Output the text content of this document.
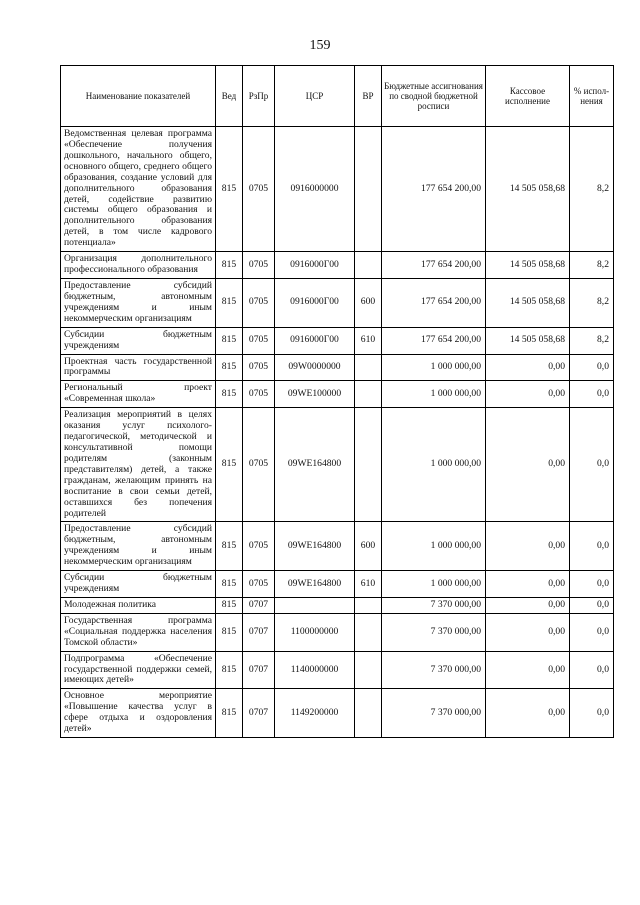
159
Наименование показателей	Вед	РзПр	ЦСР	ВР	Бюджетные ассигнования по сводной бюджетной росписи	Кассовое исполнение	% испол-нения
Ведомственная целевая программа «Обеспечение получения дошкольного, начального общего, основного общего, среднего общего образования, создание условий для дополнительного образования детей, содействие развитию системы общего образования и дополнительного образования детей, в том числе кадрового потенциала»	815	0705	0916000000		177 654 200,00	14 505 058,68	8,2
Организация дополнительного профессионального образования	815	0705	0916000Г00		177 654 200,00	14 505 058,68	8,2
Предоставление субсидий бюджетным, автономным учреждениям и иным некоммерческим организациям	815	0705	0916000Г00	600	177 654 200,00	14 505 058,68	8,2
Субсидии бюджетным учреждениям	815	0705	0916000Г00	610	177 654 200,00	14 505 058,68	8,2
Проектная часть государственной программы	815	0705	09W0000000		1 000 000,00	0,00	0,0
Региональный проект «Современная школа»	815	0705	09WE100000		1 000 000,00	0,00	0,0
Реализация мероприятий в целях оказания услуг психолого-педагогической, методической и консультативной помощи родителям (законным представителям) детей, а также гражданам, желающим принять на воспитание в свои семьи детей, оставшихся без попечения родителей	815	0705	09WE164800		1 000 000,00	0,00	0,0
Предоставление субсидий бюджетным, автономным учреждениям и иным некоммерческим организациям	815	0705	09WE164800	600	1 000 000,00	0,00	0,0
Субсидии бюджетным учреждениям	815	0705	09WE164800	610	1 000 000,00	0,00	0,0
Молодежная политика	815	0707			7 370 000,00	0,00	0,0
Государственная программа «Социальная поддержка населения Томской области»	815	0707	1100000000		7 370 000,00	0,00	0,0
Подпрограмма «Обеспечение государственной поддержки семей, имеющих детей»	815	0707	1140000000		7 370 000,00	0,00	0,0
Основное мероприятие «Повышение качества услуг в сфере отдыха и оздоровления детей»	815	0707	1149200000		7 370 000,00	0,00	0,0
